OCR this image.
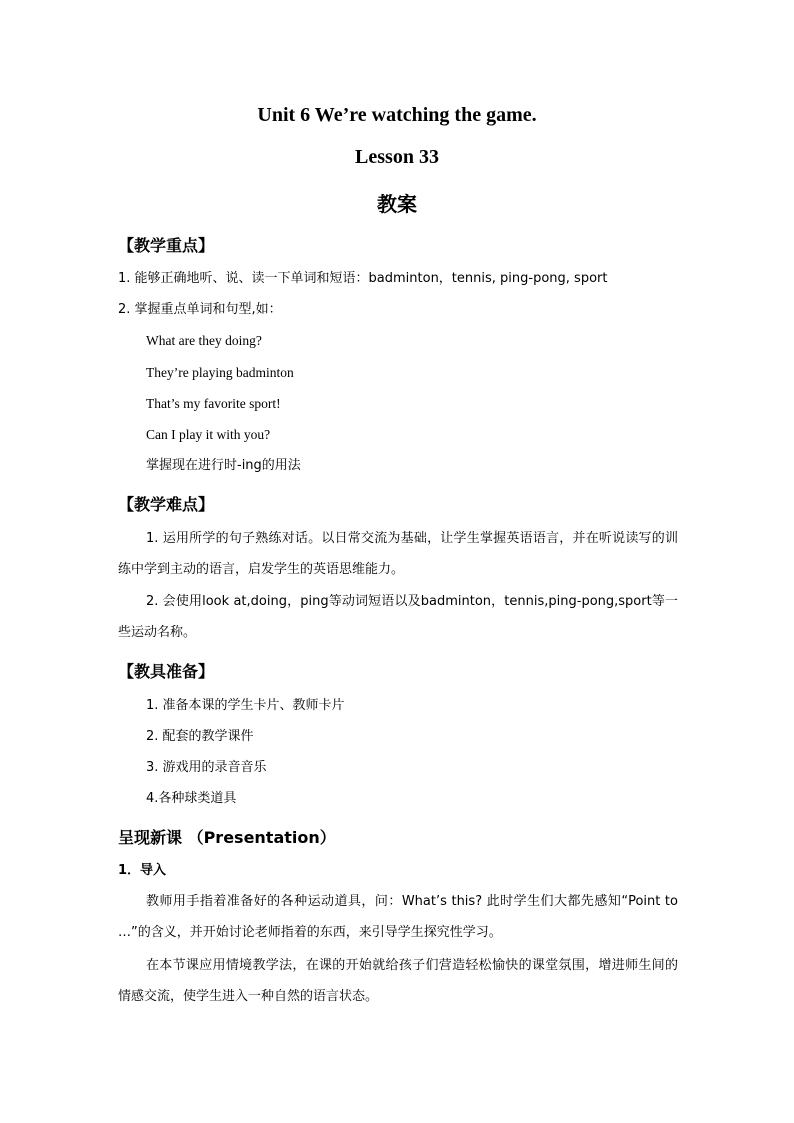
Unit 6 We’re watching the game.
Lesson 33
教案
【教学重点】
1. 能够正确地听、说、读一下单词和短语：badminton，tennis, ping-pong, sport
2. 掌握重点单词和句型,如：
What are they doing?
They’re playing badminton
That’s my favorite sport!
Can I play it with you?
掌握现在进行时-ing的用法
【教学难点】
1. 运用所学的句子熟练对话。以日常交流为基础，让学生掌握英语语言，并在听说读写的训练中学到主动的语言，启发学生的英语思维能力。
2. 会使用look at,doing，ping等动词短语以及badminton，tennis,ping-pong,sport等一些运动名称。
【教具准备】
1. 准备本课的学生卡片、教师卡片
2. 配套的教学课件
3. 游戏用的录音音乐
4.各种球类道具
呈现新课 （Presentation）
1．导入
教师用手指着准备好的各种运动道具，问：What’s this? 此时学生们大都先感知“Point to …”的含义，并开始讨论老师指着的东西，来引导学生探究性学习。
在本节课应用情境教学法，在课的开始就给孩子们营造轻松愉快的课堂氛围，增进师生间的情感交流，使学生进入一种自然的语言状态。
